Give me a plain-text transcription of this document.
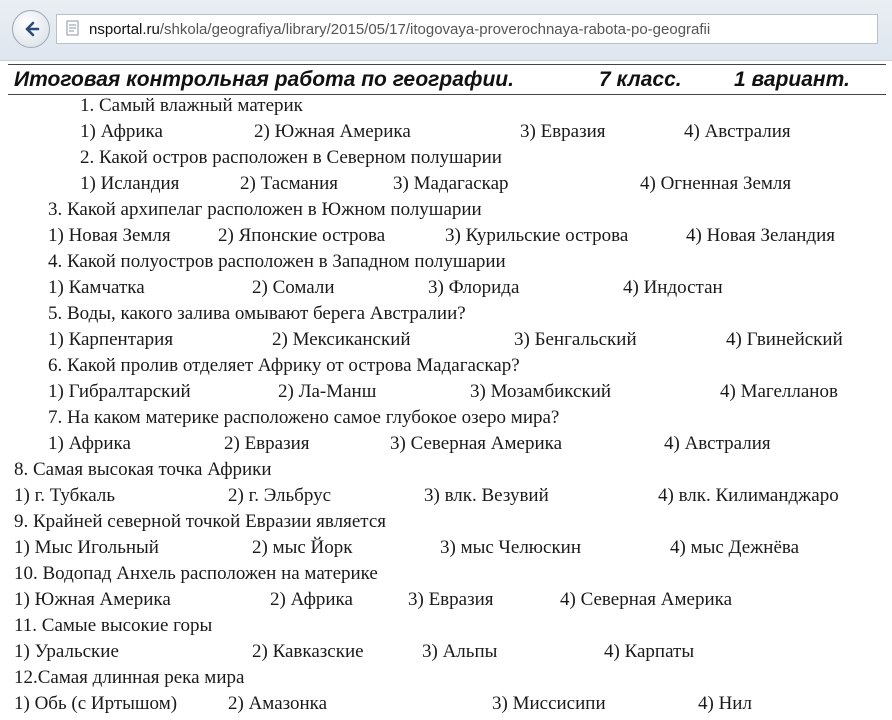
nsportal.ru/shkola/geografiya/library/2015/05/17/itogovaya-proverochnaya-rabota-po-geografii
Итоговая контрольная работа по географии.	7 класс. 1 вариант.
1. Самый влажный материк
1) Африка	2) Южная Америка	3) Евразия	4) Австралия
2. Какой остров расположен в Северном полушарии
1) Исландия	2) Тасмания	3) Мадагаскар	4) Огненная Земля
3. Какой архипелаг расположен в Южном полушарии
1) Новая Земля 2) Японские острова	3) Курильские острова	4) Новая Зеландия
4. Какой полуостров расположен в Западном полушарии
1) Камчатка	2) Сомали	3) Флорида	4) Индостан
5. Воды, какого залива омывают берега Австралии?
1) Карпентария	2) Мексиканский	3) Бенгальский	4) Гвинейский
6. Какой пролив отделяет Африку от острова Мадагаскар?
1) Гибралтарский	2) Ла-Манш	3) Мозамбикский	4) Магелланов
7. На каком материке расположено самое глубокое озеро мира?
1) Африка	2) Евразия	3) Северная Америка	4) Австралия
8. Самая высокая точка Африки
1) г. Тубкаль	2) г. Эльбрус	3) влк. Везувий	4) влк. Килиманджаро
9. Крайней северной точкой Евразии является
1) Мыс Игольный	2) мыс Йорк	3) мыс Челюскин	4) мыс Дежнёва
10. Водопад Анхель расположен на материке
1) Южная Америка	2) Африка	3) Евразия	4) Северная Америка
11. Самые высокие горы
1) Уральские	2) Кавказские	3) Альпы	4) Карпаты
12.Самая длинная река мира
1) Обь (с Иртышом)	2) Амазонка	3) Миссисипи	4) Нил
